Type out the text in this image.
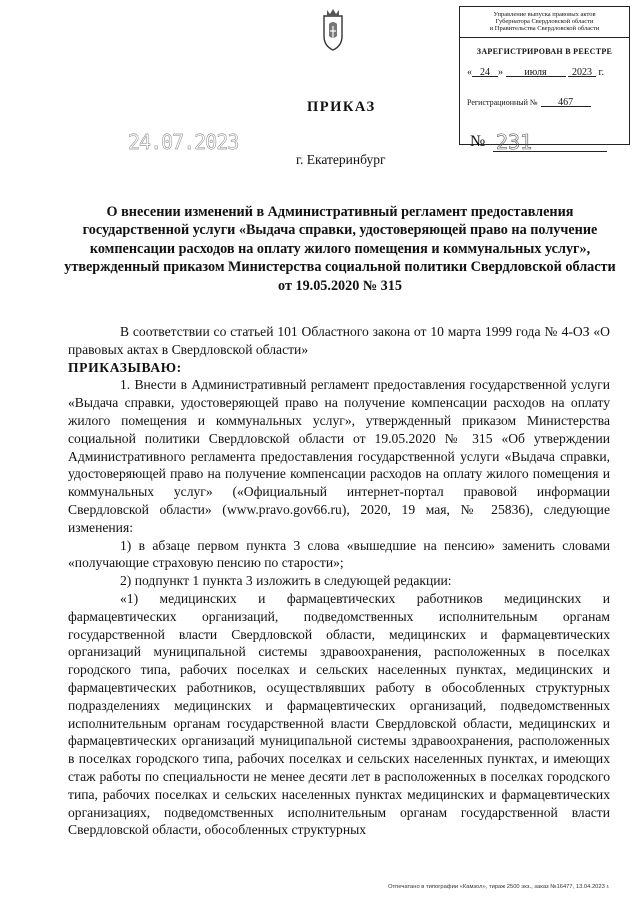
ПРИКАЗ
Управление выпуска правовых актов
Губернатора Свердловской области
и Правительства Свердловской области
ЗАРЕГИСТРИРОВАН В РЕЕСТРЕ
« 24 » июля	2023 г.
Регистрационный № 467
24.07.2023	№ 231
г. Екатеринбург
О внесении изменений в Административный регламент предоставления государственной услуги «Выдача справки, удостоверяющей право на получение компенсации расходов на оплату жилого помещения и коммунальных услуг», утвержденный приказом Министерства социальной политики Свердловской области от 19.05.2020 № 315

В соответствии со статьей 101 Областного закона от 10 марта 1999 года № 4-ОЗ «О правовых актах в Свердловской области»

ПРИКАЗЫВАЮ:

1. Внести в Административный регламент предоставления государственной услуги «Выдача справки, удостоверяющей право на получение компенсации расходов на оплату жилого помещения и коммунальных услуг», утвержденный приказом Министерства социальной политики Свердловской области от 19.05.2020 № 315 «Об утверждении Административного регламента предоставления государственной услуги «Выдача справки, удостоверяющей право на получение компенсации расходов на оплату жилого помещения и коммунальных услуг» («Официальный интернет-портал правовой информации Свердловской области» (www.pravo.gov66.ru), 2020, 19 мая, № 25836), следующие изменения:

1) в абзаце первом пункта 3 слова «вышедшие на пенсию» заменить словами «получающие страховую пенсию по старости»;

2) подпункт 1 пункта 3 изложить в следующей редакции:

«1) медицинских и фармацевтических работников медицинских и фармацевтических организаций, подведомственных исполнительным органам государственной власти Свердловской области, медицинских и фармацевтических организаций муниципальной системы здравоохранения, расположенных в поселках городского типа, рабочих поселках и сельских населенных пунктах, медицинских и фармацевтических работников, осуществлявших работу в обособленных структурных подразделениях медицинских и фармацевтических организаций, подведомственных исполнительным органам государственной власти Свердловской области, медицинских и фармацевтических организаций муниципальной системы здравоохранения, расположенных в поселках городского типа, рабочих поселках и сельских населенных пунктах, и имеющих стаж работы по специальности не менее десяти лет в расположенных в поселках городского типа, рабочих поселках и сельских населенных пунктах медицинских и фармацевтических организациях, подведомственных исполнительным органам государственной власти Свердловской области, обособленных структурных

Отпечатано в типографии «Камзол», тираж 2500 экз., заказ №16477, 13.04.2023 г.
